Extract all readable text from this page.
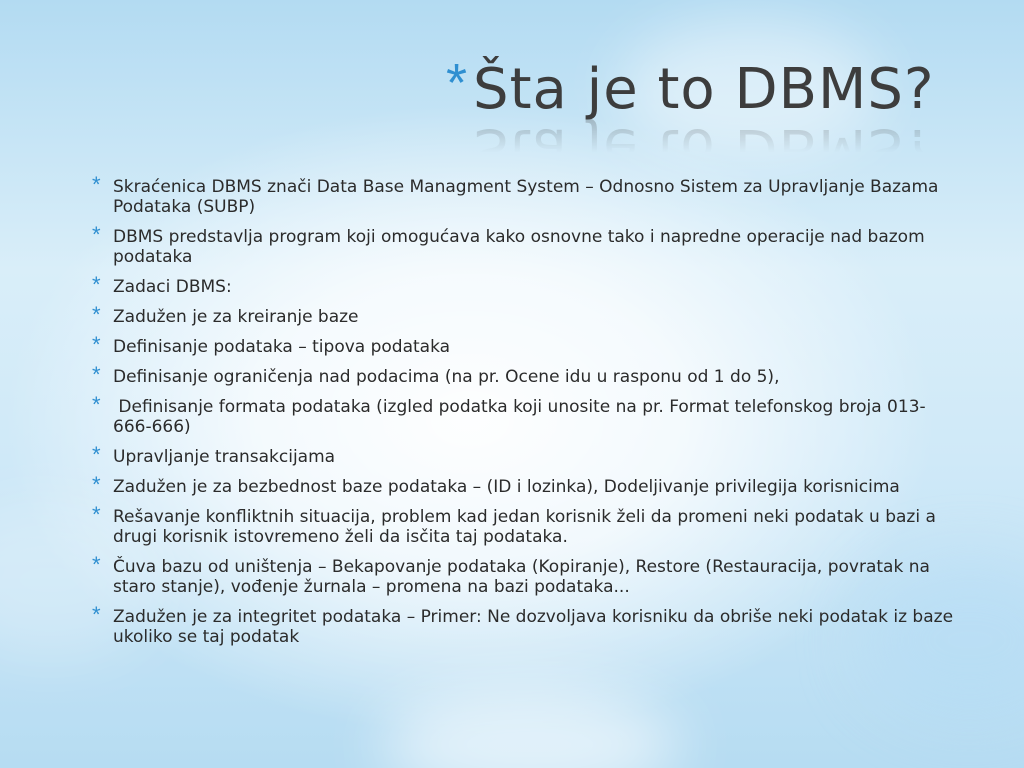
* Šta je to DBMS?
* Skraćenica DBMS znači Data Base Managment System – Odnosno Sistem za Upravljanje Bazama Podataka (SUBP)
* DBMS predstavlja program koji omogućava kako osnovne tako i napredne operacije nad bazom podataka
* Zadaci DBMS:
* Zadužen je za kreiranje baze
* Definisanje podataka – tipova podataka
* Definisanje ograničenja nad podacima (na pr. Ocene idu u rasponu od 1 do 5),
* Definisanje formata podataka (izgled podatka koji unosite na pr. Format telefonskog broja 013-666-666)
* Upravljanje transakcijama
* Zadužen je za bezbednost baze podataka – (ID i lozinka), Dodeljivanje privilegija korisnicima
* Rešavanje konfliktnih situacija, problem kad jedan korisnik želi da promeni neki podatak u bazi a drugi korisnik istovremeno želi da isčita taj podataka.
* Čuva bazu od uništenja – Bekapovanje podataka (Kopiranje), Restore (Restauracija, povratak na staro stanje), vođenje žurnala – promena na bazi podataka...
* Zadužen je za integritet podataka – Primer: Ne dozvoljava korisniku da obriše neki podatak iz baze ukoliko se taj podatak
